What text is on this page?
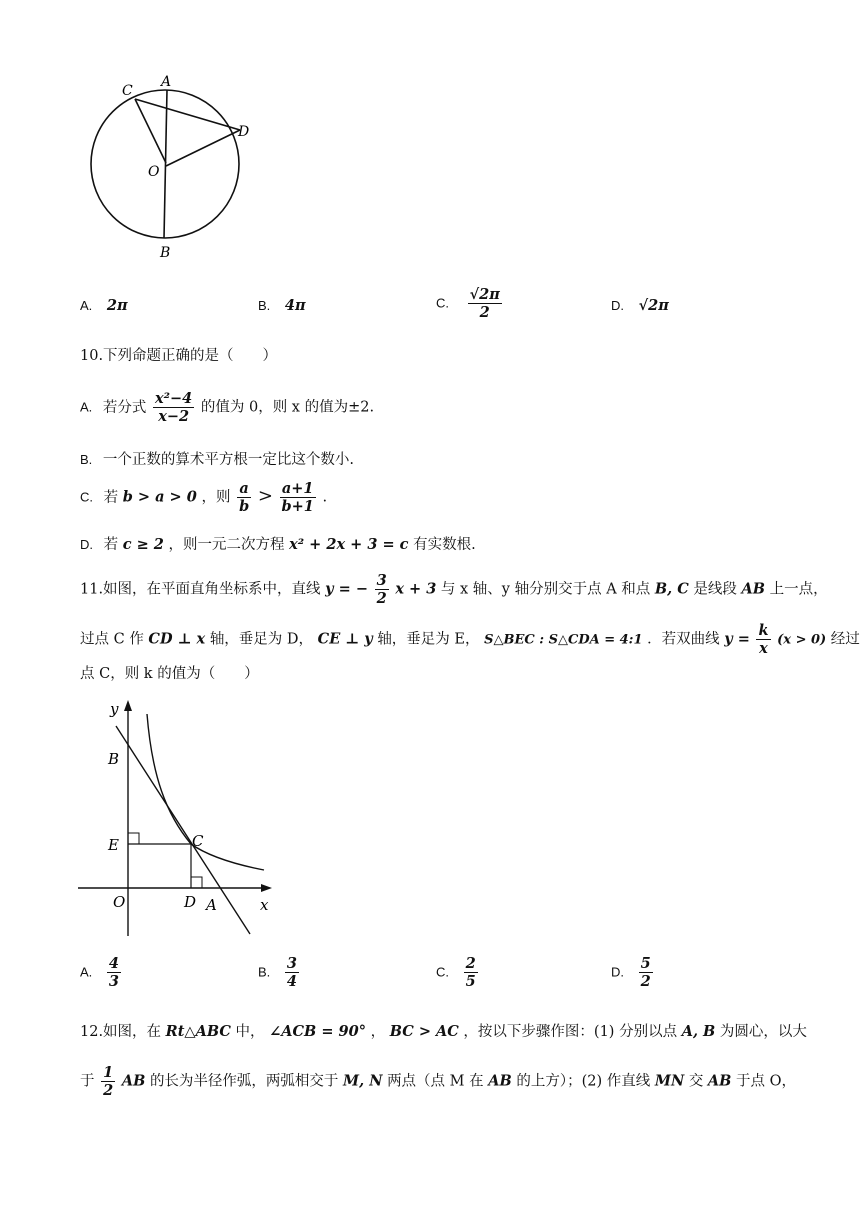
C
A
D
O
B
A. 2π	B. 4π	C. $\frac{√2\pi}{2}$	D. √2π
10.下列命题正确的是（　　）
A. 若分式 $\frac{\text{x²−4}}{x-2}$ 的值为 0，则 x 的值为±2.
B. 一个正数的算术平方根一定比这个数小.
C. 若 b > a > 0 ，则 $\frac{a}{b} > \frac{a+1}{b+1}$ .
D. 若 c ≥ 2 ，则一元二次方程 x² + 2x + 3 = c 有实数根.
11.如图，在平面直角坐标系中，直线 y = − $\frac{3}{2}$ x + 3 与 x 轴、y 轴分别交于点 A 和点 B, C 是线段 AB 上一点，
过点 C 作 CD ⊥ x 轴，垂足为 D， CE ⊥ y 轴，垂足为 E， S△BEC : S△CDA = 4:1 ．若双曲线 $y = \frac{k}{x} (x > 0)$ 经过
点 C，则 k 的值为（　　）
y
B
E	C
O	D A	x
A. $\frac{4}{3}$	B. $\frac{3}{4}$	C. $\frac{2}{5}$	D. $\frac{5}{2}$
12.如图，在 Rt△ABC 中， ∠ACB = 90° ， BC > AC ，按以下步骤作图：(1) 分别以点 A, B 为圆心，以大
于 $\frac{1}{2}$ AB 的长为半径作弧，两弧相交于 M, N 两点（点 M 在 AB 的上方）；(2) 作直线 MN 交 AB 于点 O，
